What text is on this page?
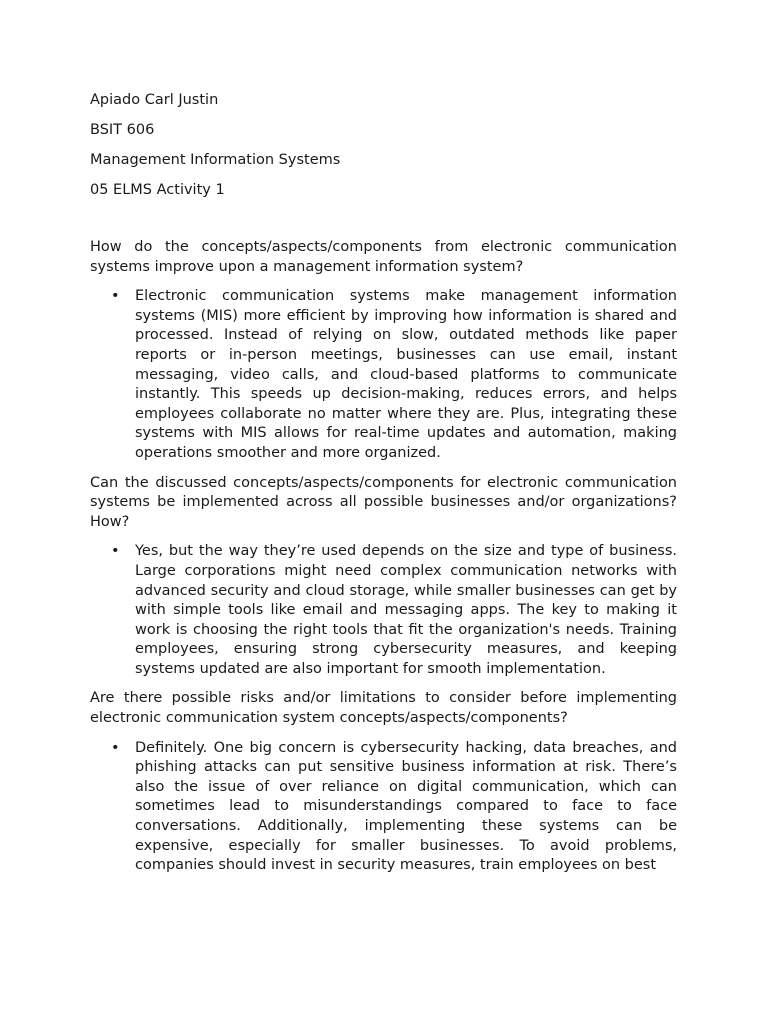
Apiado Carl Justin

BSIT 606

Management Information Systems

05 ELMS Activity 1

How do the concepts/aspects/components from electronic communication systems improve upon a management information system?

• Electronic communication systems make management information systems (MIS) more efficient by improving how information is shared and processed. Instead of relying on slow, outdated methods like paper reports or in-person meetings, businesses can use email, instant messaging, video calls, and cloud-based platforms to communicate instantly. This speeds up decision-making, reduces errors, and helps employees collaborate no matter where they are. Plus, integrating these systems with MIS allows for real-time updates and automation, making operations smoother and more organized.

Can the discussed concepts/aspects/components for electronic communication systems be implemented across all possible businesses and/or organizations? How?

• Yes, but the way they’re used depends on the size and type of business. Large corporations might need complex communication networks with advanced security and cloud storage, while smaller businesses can get by with simple tools like email and messaging apps. The key to making it work is choosing the right tools that fit the organization's needs. Training employees, ensuring strong cybersecurity measures, and keeping systems updated are also important for smooth implementation.

Are there possible risks and/or limitations to consider before implementing electronic communication system concepts/aspects/components?

• Definitely. One big concern is cybersecurity hacking, data breaches, and phishing attacks can put sensitive business information at risk. There’s also the issue of over reliance on digital communication, which can sometimes lead to misunderstandings compared to face to face conversations. Additionally, implementing these systems can be expensive, especially for smaller businesses. To avoid problems, companies should invest in security measures, train employees on best
